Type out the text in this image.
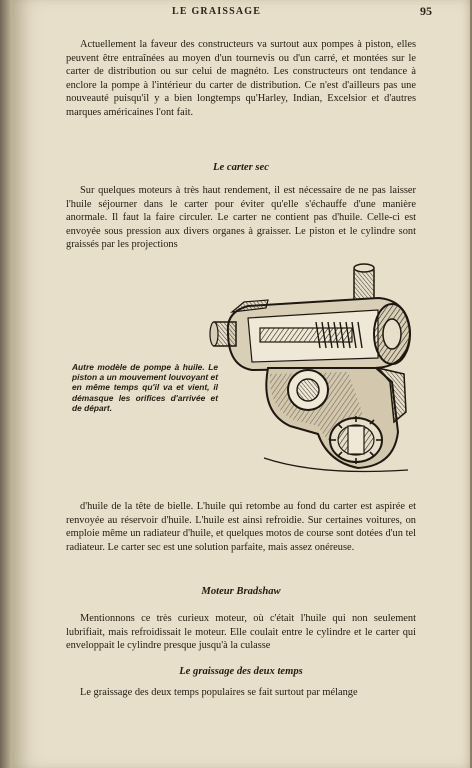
LE GRAISSAGE	95

Actuellement la faveur des constructeurs va surtout aux pompes à piston, elles peuvent être entraînées au moyen d'un tournevis ou d'un carré, et montées sur le carter de distribution ou sur celui de magnéto. Les constructeurs ont tendance à enclore la pompe à l'intérieur du carter de distribution. Ce n'est d'ailleurs pas une nouveauté puisqu'il y a bien longtemps qu'Harley, Indian, Excelsior et d'autres marques américaines l'ont fait.

Le carter sec

Sur quelques moteurs à très haut rendement, il est nécessaire de ne pas laisser l'huile séjourner dans le carter pour éviter qu'elle s'échauffe d'une manière anormale. Il faut la faire circuler. Le carter ne contient pas d'huile. Celle-ci est envoyée sous pression aux divers organes à graisser. Le piston et le cylindre sont graissés par les projections

Autre modèle de pompe à huile. Le piston a un mouvement louvoyant et en même temps qu'il va et vient, il démasque les orifices d'arrivée et de départ.

d'huile de la tête de bielle. L'huile qui retombe au fond du carter est aspirée et renvoyée au réservoir d'huile. L'huile est ainsi refroidie. Sur certaines voitures, on emploie même un radiateur d'huile, et quelques motos de course sont dotées d'un tel radiateur. Le carter sec est une solution parfaite, mais assez onéreuse.

Moteur Bradshaw

Mentionnons ce très curieux moteur, où c'était l'huile qui non seulement lubrifiait, mais refroidissait le moteur. Elle coulait entre le cylindre et le carter qui enveloppait le cylindre presque jusqu'à la culasse

Le graissage des deux temps

Le graissage des deux temps populaires se fait surtout par mélange
